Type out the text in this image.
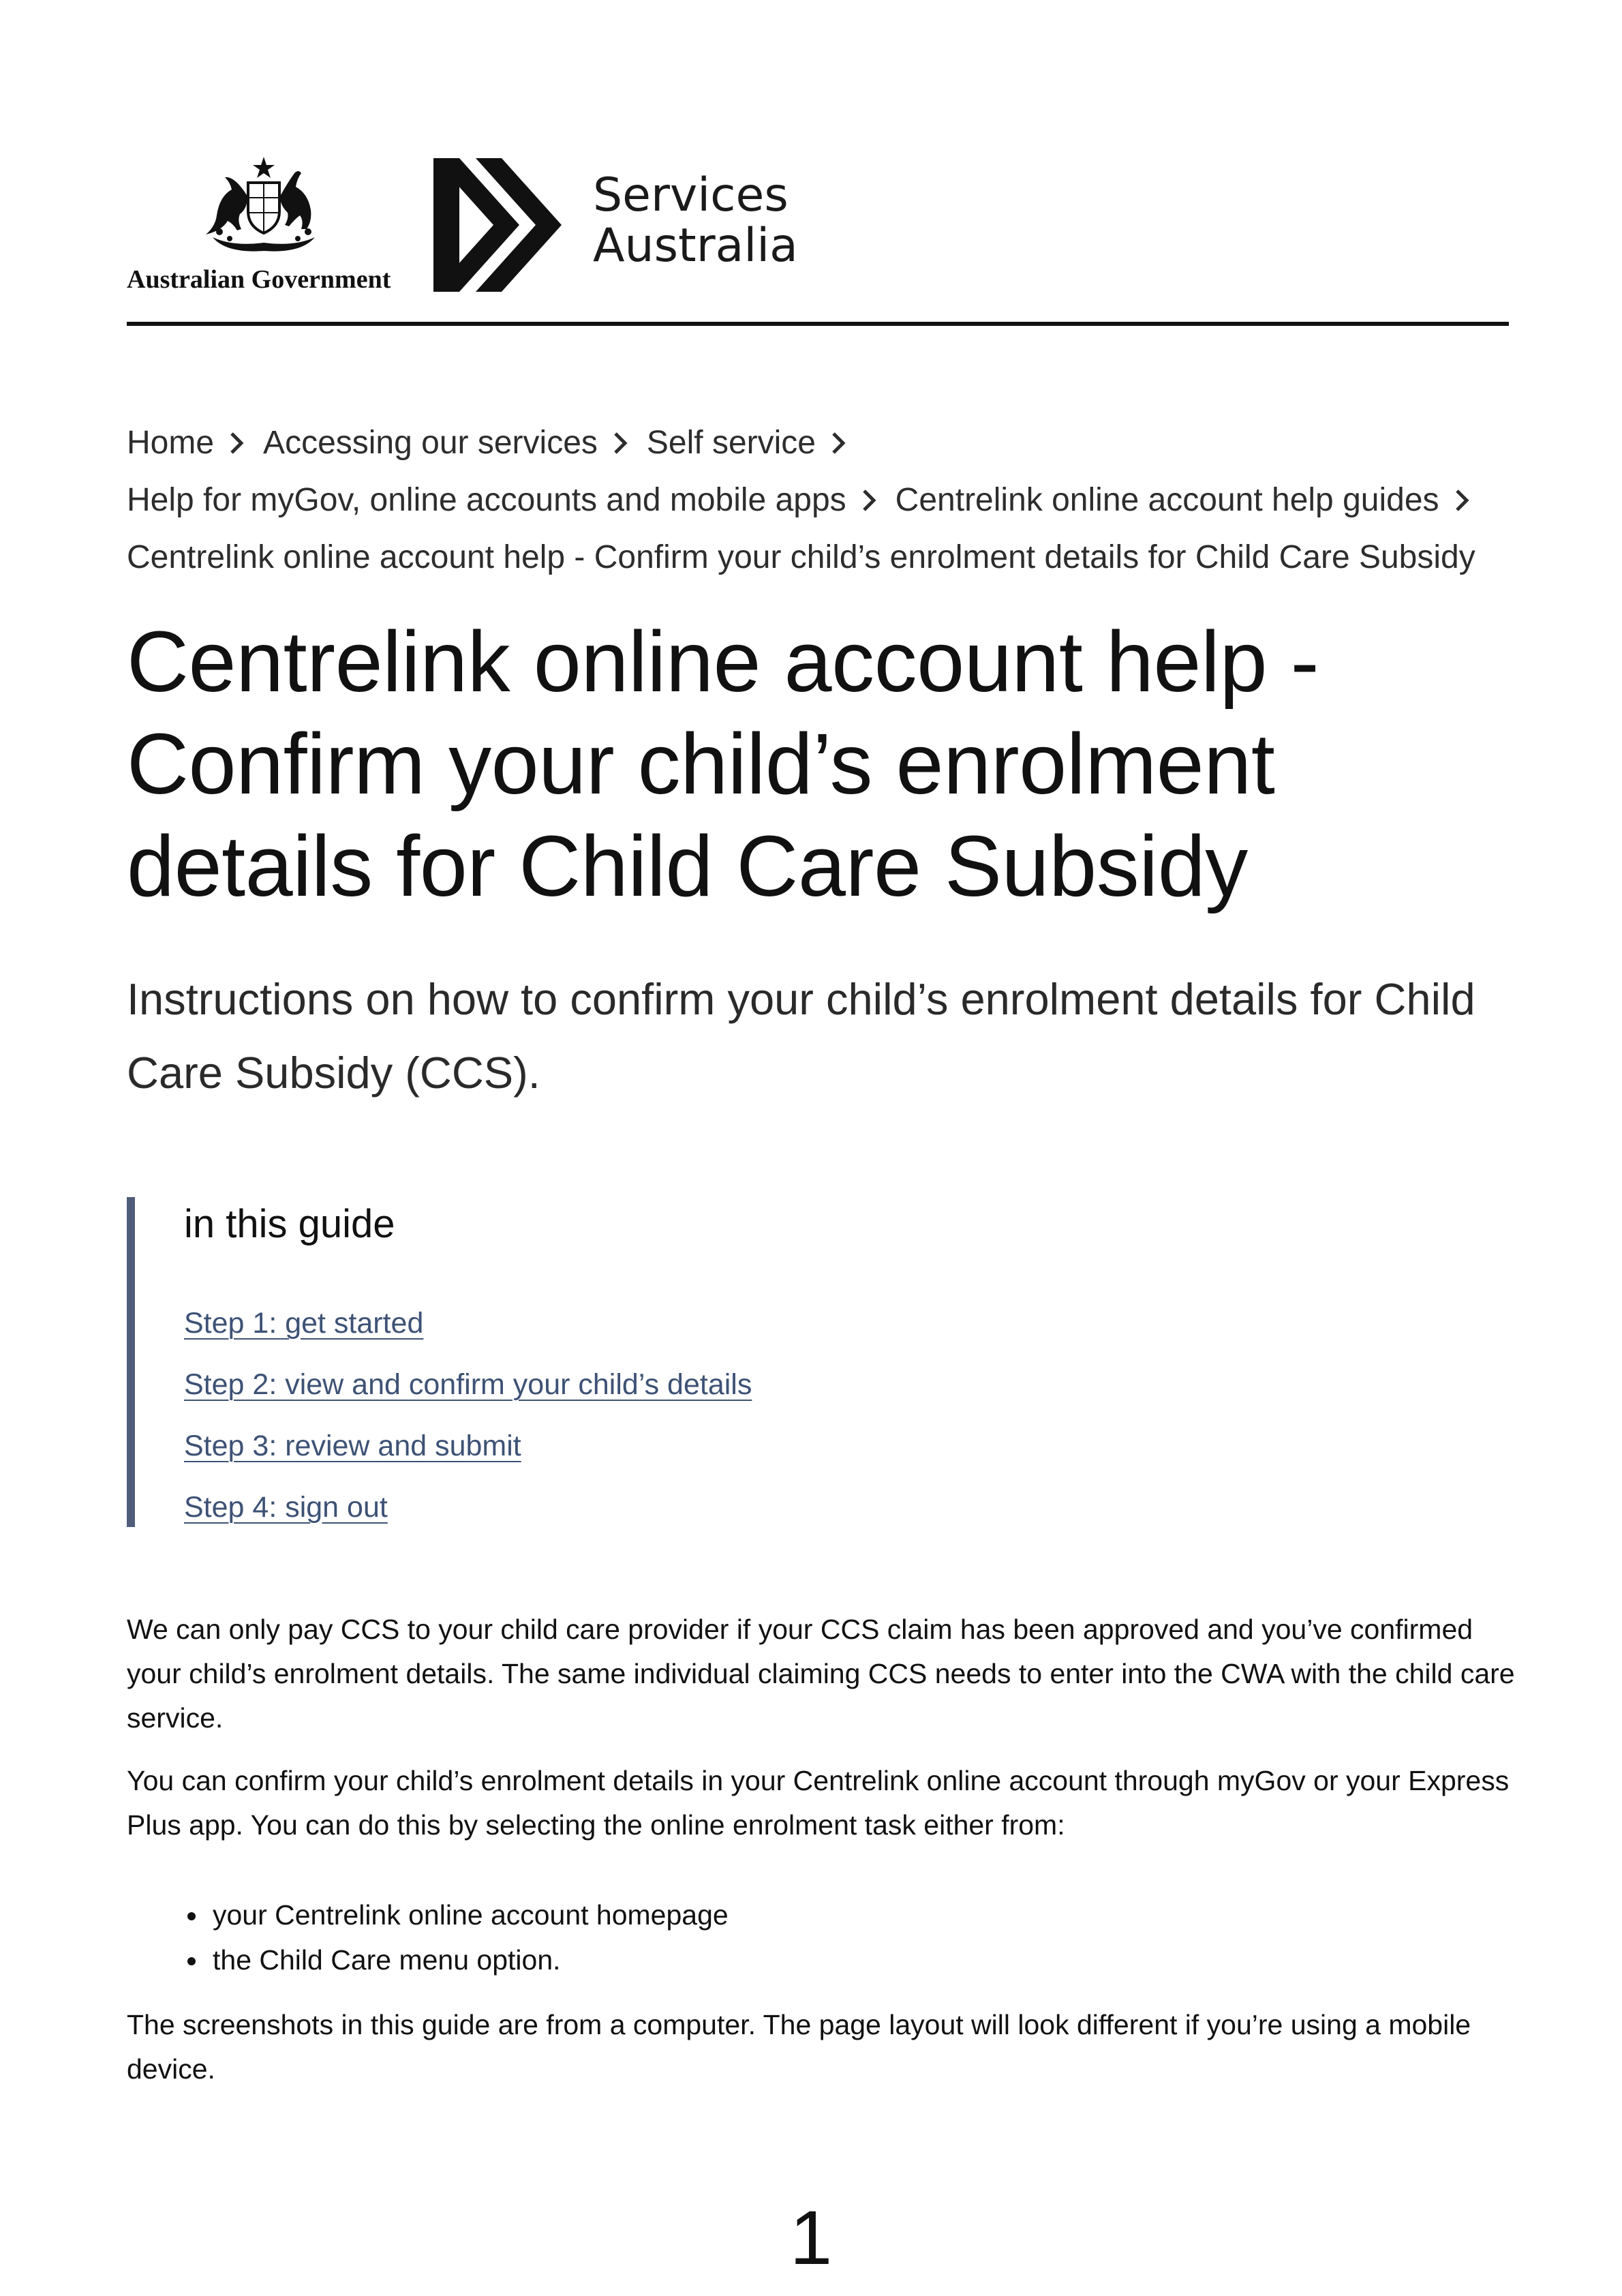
Australian Government
Services
Australia
Home Accessing our services Self service
Help for myGov, online accounts and mobile apps Centrelink online account help guides
Centrelink online account help - Confirm your child’s enrolment details for Child Care Subsidy
Centrelink online account help - Confirm your child’s enrolment details for Child Care Subsidy

Instructions on how to confirm your child’s enrolment details for Child Care Subsidy (CCS).

in this guide
Step 1: get started
Step 2: view and confirm your child’s details
Step 3: review and submit
Step 4: sign out

We can only pay CCS to your child care provider if your CCS claim has been approved and you’ve confirmed your child’s enrolment details. The same individual claiming CCS needs to enter into the CWA with the child care service.

You can confirm your child’s enrolment details in your Centrelink online account through myGov or your Express Plus app. You can do this by selecting the online enrolment task either from:

• your Centrelink online account homepage
• the Child Care menu option.

The screenshots in this guide are from a computer. The page layout will look different if you’re using a mobile device.

1
